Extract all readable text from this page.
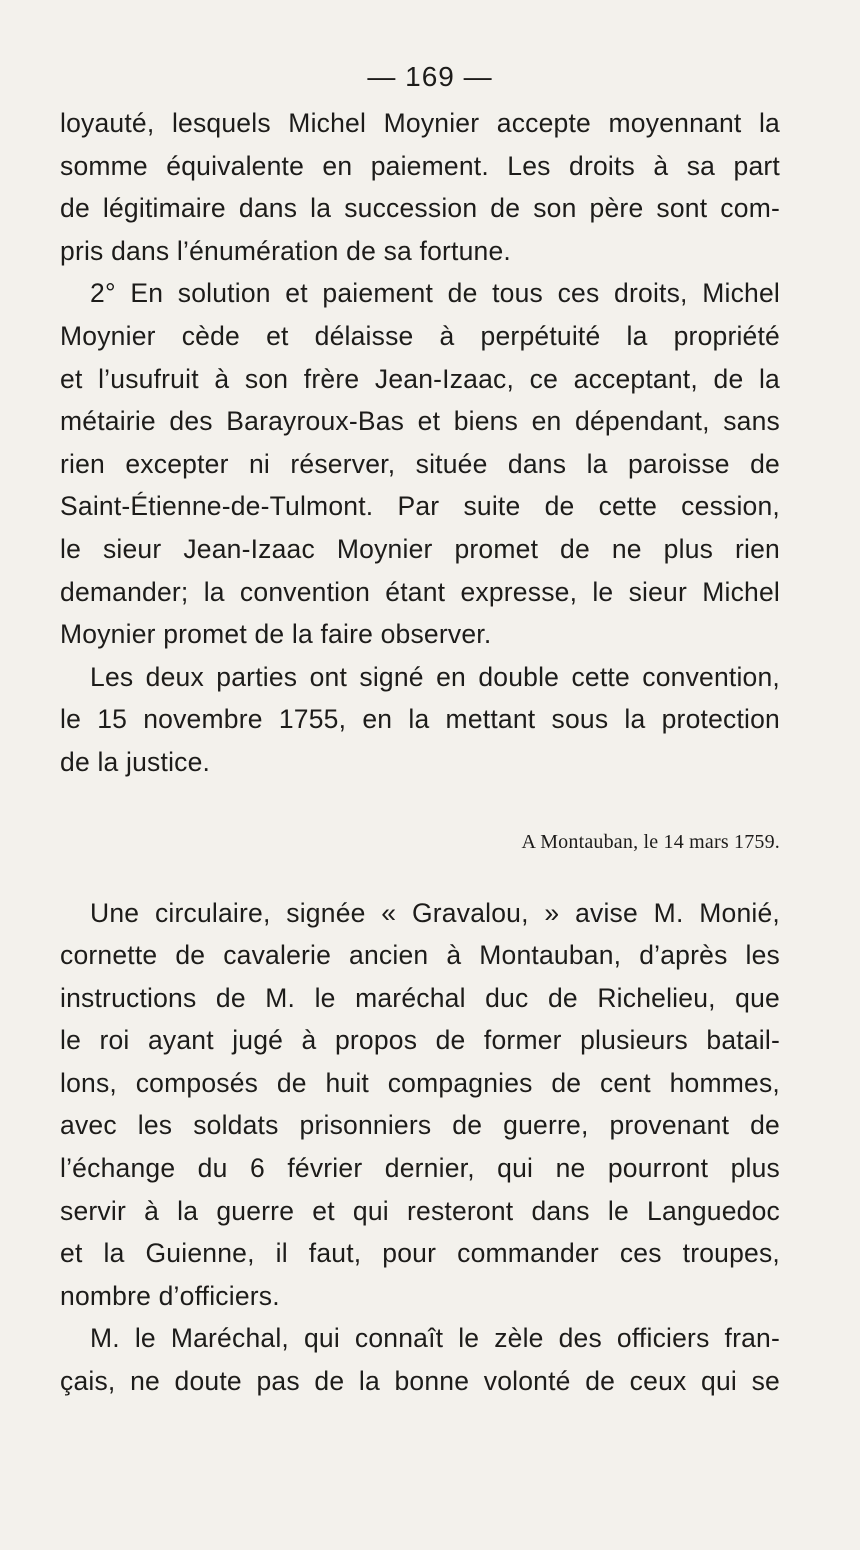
— 169 —

loyauté, lesquels Michel Moynier accepte moyennant la
somme équivalente en paiement. Les droits à sa part
de légitimaire dans la succession de son père sont com-
pris dans l’énumération de sa fortune.

2° En solution et paiement de tous ces droits, Michel
Moynier cède et délaisse à perpétuité la propriété
et l’usufruit à son frère Jean-Izaac, ce acceptant, de la
métairie des Barayroux-Bas et biens en dépendant, sans
rien excepter ni réserver, située dans la paroisse de
Saint-Étienne-de-Tulmont. Par suite de cette cession,
le sieur Jean-Izaac Moynier promet de ne plus rien
demander; la convention étant expresse, le sieur Michel
Moynier promet de la faire observer.

Les deux parties ont signé en double cette convention,
le 15 novembre 1755, en la mettant sous la protection
de la justice.

A Montauban, le 14 mars 1759.

Une circulaire, signée « Gravalou, » avise M. Monié,
cornette de cavalerie ancien à Montauban, d’après les
instructions de M. le maréchal duc de Richelieu, que
le roi ayant jugé à propos de former plusieurs batail-
lons, composés de huit compagnies de cent hommes,
avec les soldats prisonniers de guerre, provenant de
l’échange du 6 février dernier, qui ne pourront plus
servir à la guerre et qui resteront dans le Languedoc
et la Guienne, il faut, pour commander ces troupes,
nombre d’officiers.

M. le Maréchal, qui connaît le zèle des officiers fran-
çais, ne doute pas de la bonne volonté de ceux qui se
